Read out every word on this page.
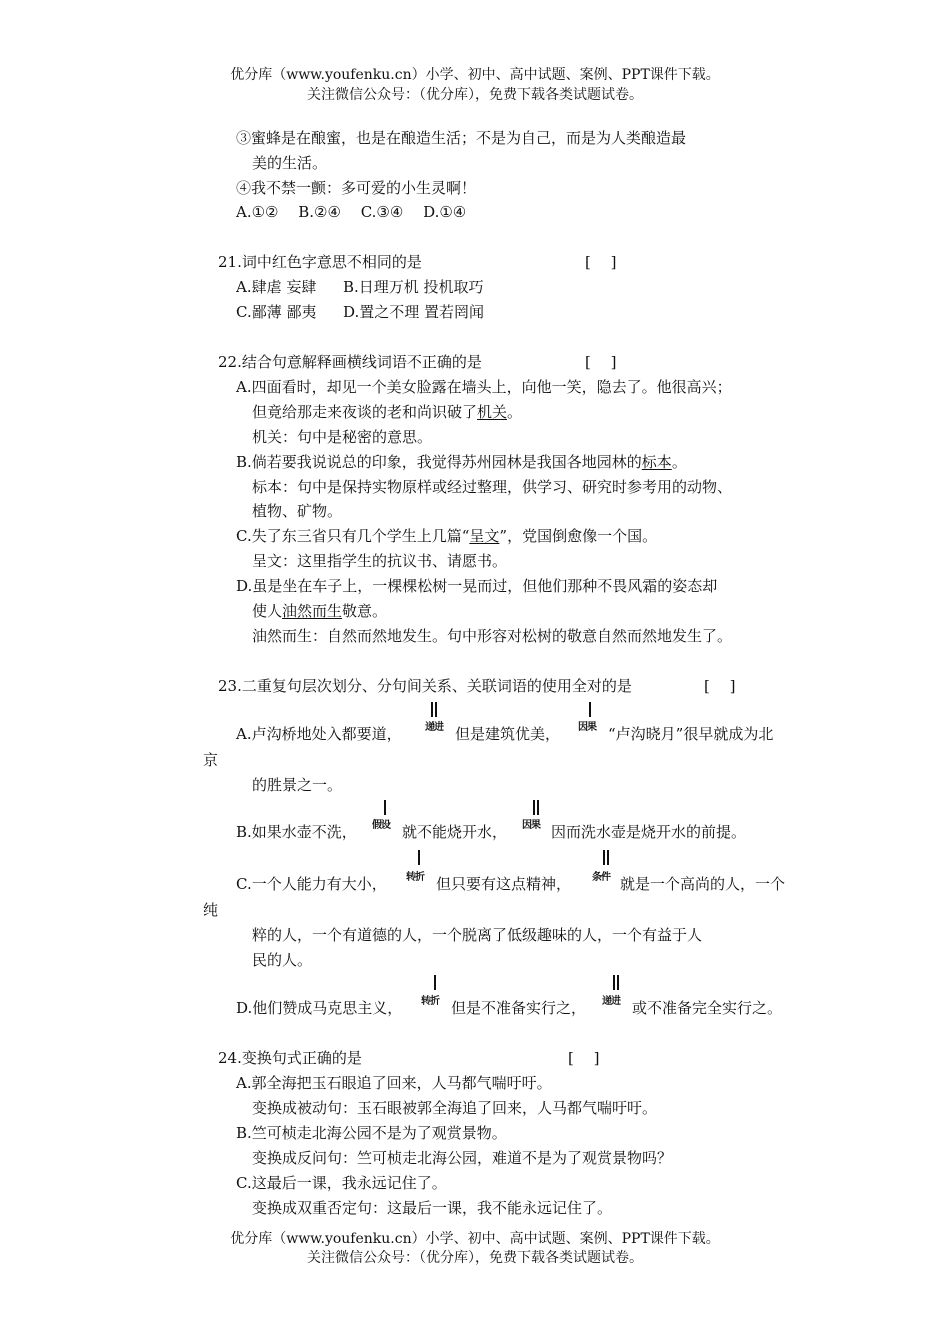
优分库（www.youfenku.cn）小学、初中、高中试题、案例、PPT课件下载。
关注微信公众号：（优分库），免费下载各类试题试卷。
③蜜蜂是在酿蜜，也是在酿造生活；不是为自己，而是为人类酿造最
美的生活。
④我不禁一颤：多可爱的小生灵啊！
A.①②　 B.②④　 C.③④　 D.①④
21.词中红色字意思不相同的是	[　 ]
A.肆虐 妄肆 B.日理万机 投机取巧
C.鄙薄 鄙夷 D.置之不理 置若罔闻
22.结合句意解释画横线词语不正确的是	[　 ]
A.四面看时，却见一个美女脸露在墙头上，向他一笑，隐去了。他很高兴；
但竟给那走来夜谈的老和尚识破了机关。
机关：句中是秘密的意思。
B.倘若要我说说总的印象，我觉得苏州园林是我国各地园林的标本。
标本：句中是保持实物原样或经过整理，供学习、研究时参考用的动物、
植物、矿物。
C.失了东三省只有几个学生上几篇“呈文”，党国倒愈像一个国。
呈文：这里指学生的抗议书、请愿书。
D.虽是坐在车子上，一棵棵松树一晃而过，但他们那种不畏风霜的姿态却
使人油然而生敬意。
油然而生：自然而然地发生。句中形容对松树的敬意自然而然地发生了。
23.二重复句层次划分、分句间关系、关联词语的使用全对的是	[　 ]
A.卢沟桥地处入都要道， 递进 但是建筑优美， 因果 “卢沟晓月”很早就成为北
京
的胜景之一。
B.如果水壶不洗， 假设 就不能烧开水， 因果 因而洗水壶是烧开水的前提。
C.一个人能力有大小， 转折 但只要有这点精神， 条件 就是一个高尚的人，一个
纯
粹的人，一个有道德的人，一个脱离了低级趣味的人，一个有益于人
民的人。
D.他们赞成马克思主义， 转折 但是不准备实行之， 递进 或不准备完全实行之。
24.变换句式正确的是	[　 ]
A.郭全海把玉石眼追了回来，人马都气喘吁吁。
变换成被动句：玉石眼被郭全海追了回来，人马都气喘吁吁。
B.竺可桢走北海公园不是为了观赏景物。
变换成反问句：竺可桢走北海公园，难道不是为了观赏景物吗？
C.这最后一课，我永远记住了。
变换成双重否定句：这最后一课，我不能永远记住了。
优分库（www.youfenku.cn）小学、初中、高中试题、案例、PPT课件下载。
关注微信公众号：（优分库），免费下载各类试题试卷。
